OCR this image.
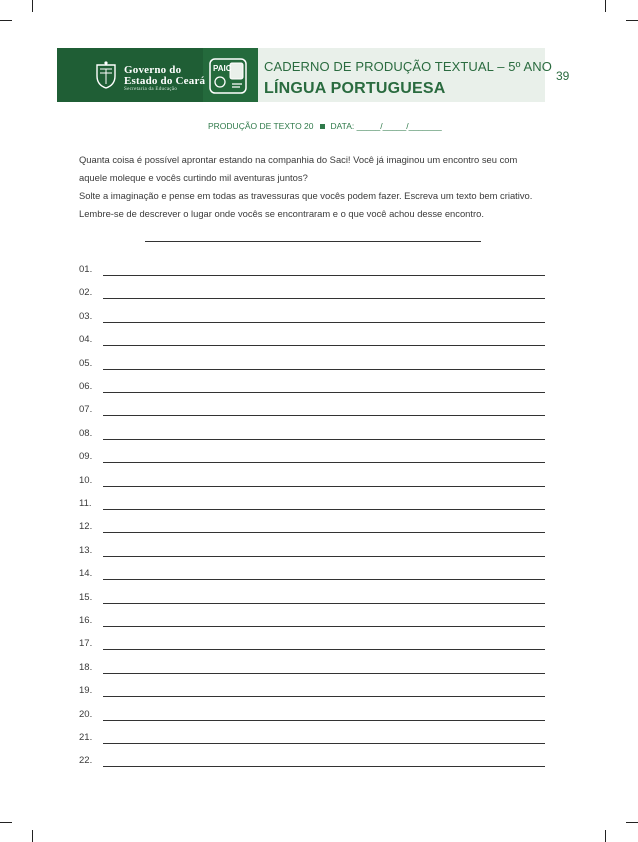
Governo do
Estado do Ceará
Secretaria da Educação
PAIC CADERNO DE PRODUÇÃO TEXTUAL – 5º ANO
LÍNGUA PORTUGUESA
39
PRODUÇÃO DE TEXTO 20 DATA: _____/_____/_______

Quanta coisa é possível aprontar estando na companhia do Saci! Você já imaginou um encontro seu com

aquele moleque e vocês curtindo mil aventuras juntos?

Solte a imaginação e pense em todas as travessuras que vocês podem fazer. Escreva um texto bem criativo.

Lembre-se de descrever o lugar onde vocês se encontraram e o que você achou desse encontro.

01.
02.
03.
04.
05.
06.
07.
08.
09.
10.
11.
12.
13.
14.
15.
16.
17.
18.
19.
20.
21.
22.
